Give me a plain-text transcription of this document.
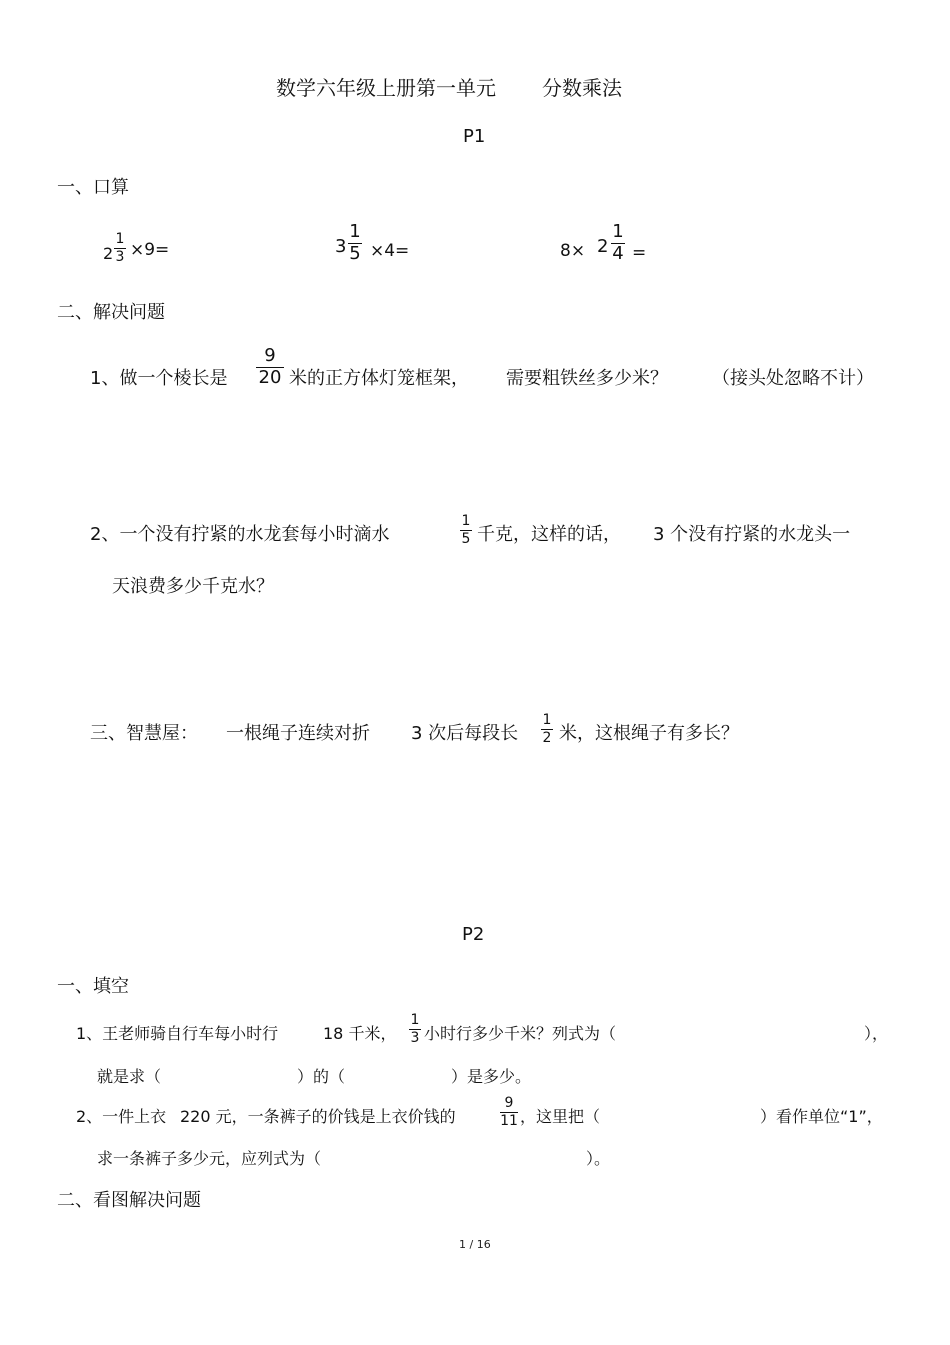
数学六年级上册第一单元 分数乘法
P1
一、口算
2
1
3 ×9=	3
1
5 ×4=	8× 2
1
4 =
二、解决问题
1、做一个棱长是
9
20 米的正方体灯笼框架， 需要粗铁丝多少米？ （接头处忽略不计）
2、一个没有拧紧的水龙套每小时滴水
1
5 千克，这样的话， 3 个没有拧紧的水龙头一
天浪费多少千克水？
三、智慧屋： 一根绳子连续对折 3 次后每段长
1
2 米，这根绳子有多长？
P2
一、填空
1、王老师骑自行车每小时行	18 千米，
1
3 小时行多少千米？列式为（	），
就是求（	）的（	）是多少。
2、一件上衣 220 元，一条裤子的价钱是上衣价钱的
9
11 ，这里把（	）看作单位“1”，
求一条裤子多少元，应列式为（	）。
二、看图解决问题
1 / 16
